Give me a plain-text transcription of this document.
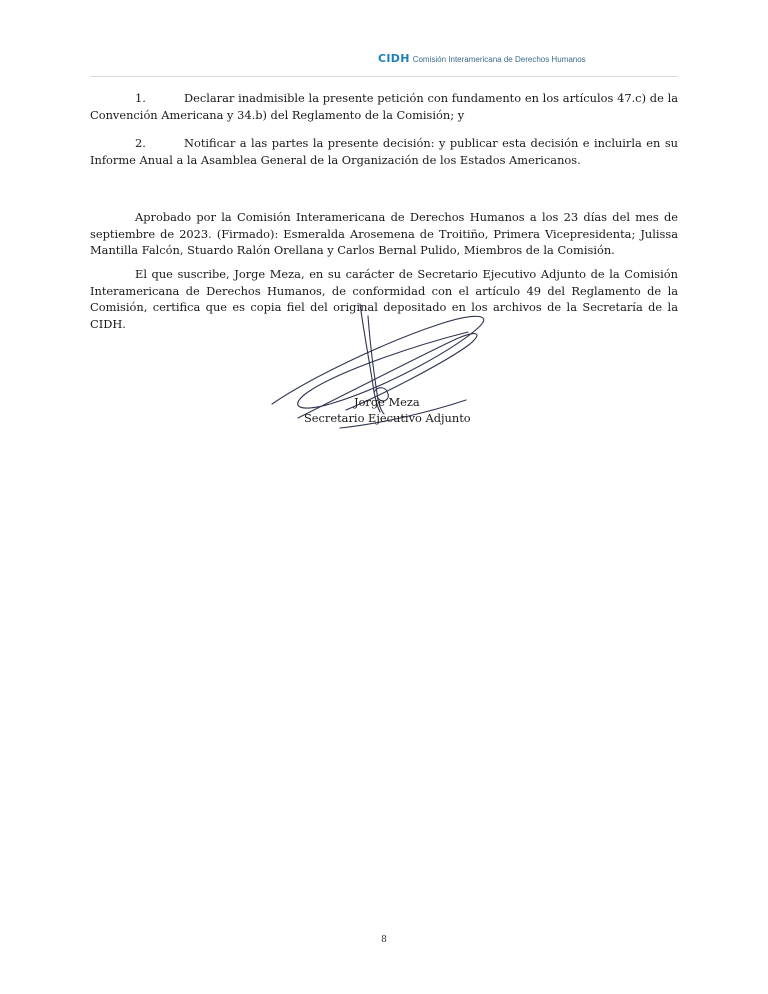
CIDH Comisión Interamericana de Derechos Humanos

1.	Declarar inadmisible la presente petición con fundamento en los artículos 47.c) de la Convención Americana y 34.b) del Reglamento de la Comisión; y

2.	Notificar a las partes la presente decisión: y publicar esta decisión e incluirla en su Informe Anual a la Asamblea General de la Organización de los Estados Americanos.

Aprobado por la Comisión Interamericana de Derechos Humanos a los 23 días del mes de septiembre de 2023. (Firmado): Esmeralda Arosemena de Troitiño, Primera Vicepresidenta; Julissa Mantilla Falcón, Stuardo Ralón Orellana y Carlos Bernal Pulido, Miembros de la Comisión.

El que suscribe, Jorge Meza, en su carácter de Secretario Ejecutivo Adjunto de la Comisión Interamericana de Derechos Humanos, de conformidad con el artículo 49 del Reglamento de la Comisión, certifica que es copia fiel del original depositado en los archivos de la Secretaría de la CIDH.

Jorge Meza
Secretario Ejecutivo Adjunto
8
